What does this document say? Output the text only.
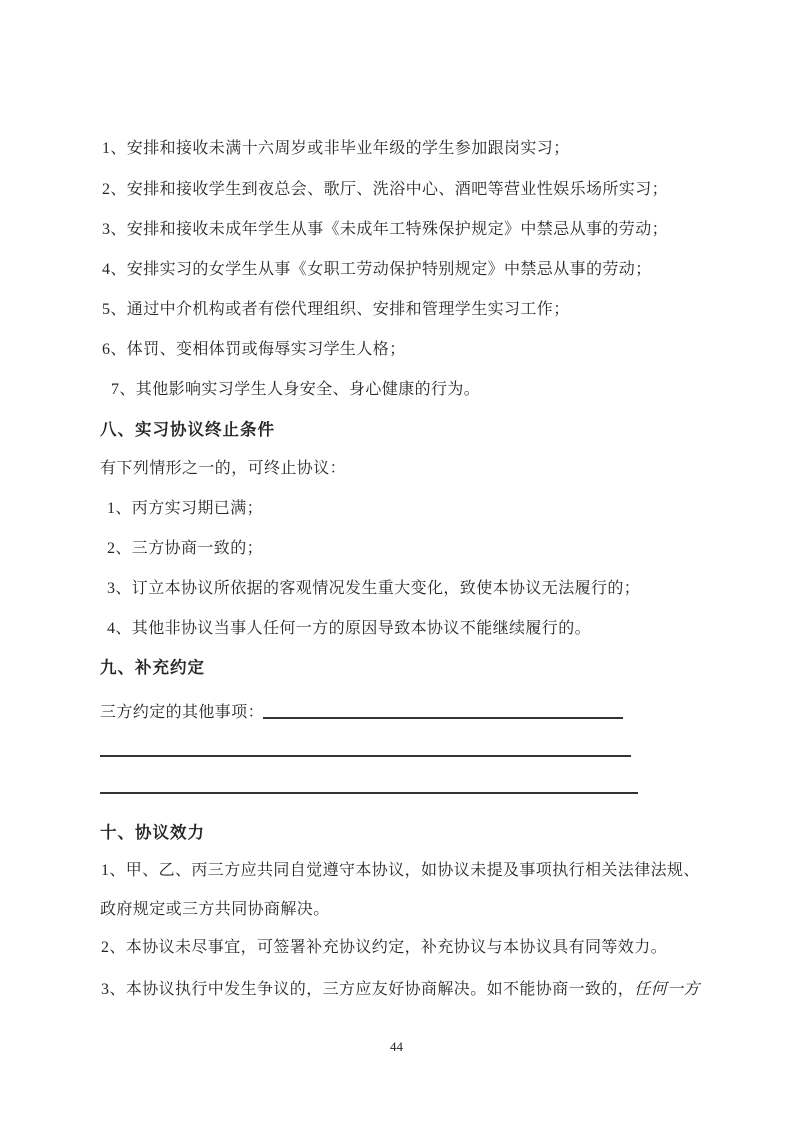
1、安排和接收未满十六周岁或非毕业年级的学生参加跟岗实习；

2、安排和接收学生到夜总会、歌厅、洗浴中心、酒吧等营业性娱乐场所实习；

3、安排和接收未成年学生从事《未成年工特殊保护规定》中禁忌从事的劳动；

4、安排实习的女学生从事《女职工劳动保护特别规定》中禁忌从事的劳动；

5、通过中介机构或者有偿代理组织、安排和管理学生实习工作；

6、体罚、变相体罚或侮辱实习学生人格；

7、其他影响实习学生人身安全、身心健康的行为。

八、实习协议终止条件

有下列情形之一的，可终止协议：

1、丙方实习期已满；

2、三方协商一致的；

3、订立本协议所依据的客观情况发生重大变化，致使本协议无法履行的；

4、其他非协议当事人任何一方的原因导致本协议不能继续履行的。

九、补充约定

三方约定的其他事项：

十、协议效力

1、甲、乙、丙三方应共同自觉遵守本协议，如协议未提及事项执行相关法律法规、

政府规定或三方共同协商解决。

2、本协议未尽事宜，可签署补充协议约定，补充协议与本协议具有同等效力。

3、本协议执行中发生争议的，三方应友好协商解决。如不能协商一致的，任何一方

44
